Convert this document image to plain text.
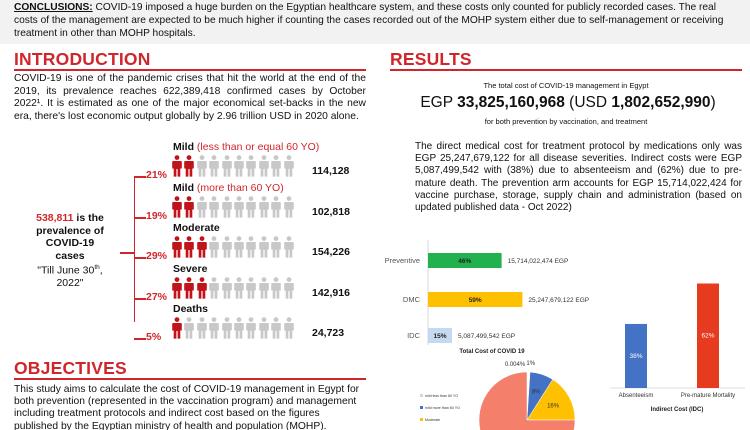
CONCLUSIONS: COVID-19 imposed a huge burden on the Egyptian healthcare system, and these costs only counted for publicly recorded cases. The real costs of the management are expected to be much higher if counting the cases recorded out of the MOHP system either due to self-management or receiving treatment in other than MOHP hospitals.
INTRODUCTION
COVID-19 is one of the pandemic crises that hit the world at the end of the 2019, its prevalence reaches 622,389,418 confirmed cases by October 2022¹. It is estimated as one of the major economical set-backs in the new era, there's lost economic output globally by 2.96 trillion USD in 2020 alone.
538,811 is the
prevalence of
COVID-19
cases
"Till June 30th,
2022"
Mild (less than or equal 60 YO)
21%	114,128
Mild (more than 60 YO)
19%	102,818
Moderate
29%	154,226
Severe
27%	142,916
Deaths
5%	24,723
OBJECTIVES
This study aims to calculate the cost of COVID-19 management in Egypt for both prevention (represented in the vaccination program) and management including treatment protocols and indirect cost based on the figures published by the Egyptian ministry of health and population (MOHP).
RESULTS
The total cost of COVID-19 management in Egypt
EGP 33,825,160,968 (USD 1,802,652,990)
for both prevention by vaccination, and treatment
The direct medical cost for treatment protocol by medications only was EGP 25,247,679,122 for all disease severities. Indirect costs were EGP 5,087,499,542 with (38%) due to absenteeism and (62%) due to pre-mature death. The prevention arm accounts for EGP 15,714,022,424 for vaccine purchase, storage, supply chain and administration (based on updated published data - Oct 2022)
Preventive	46%	15,714,022,474 EGP
DMC	59%	25,247,679,122 EGP
IDC 15% 5,087,499,542 EGP
38%
Absenteeism
62%
Pre-mature Mortality
Indirect Cost (IDC)
Total Cost of COVID 19
0.004% 1%
8%
16%
mild less than 60 YO
mild more than 60 YO
Moderate
